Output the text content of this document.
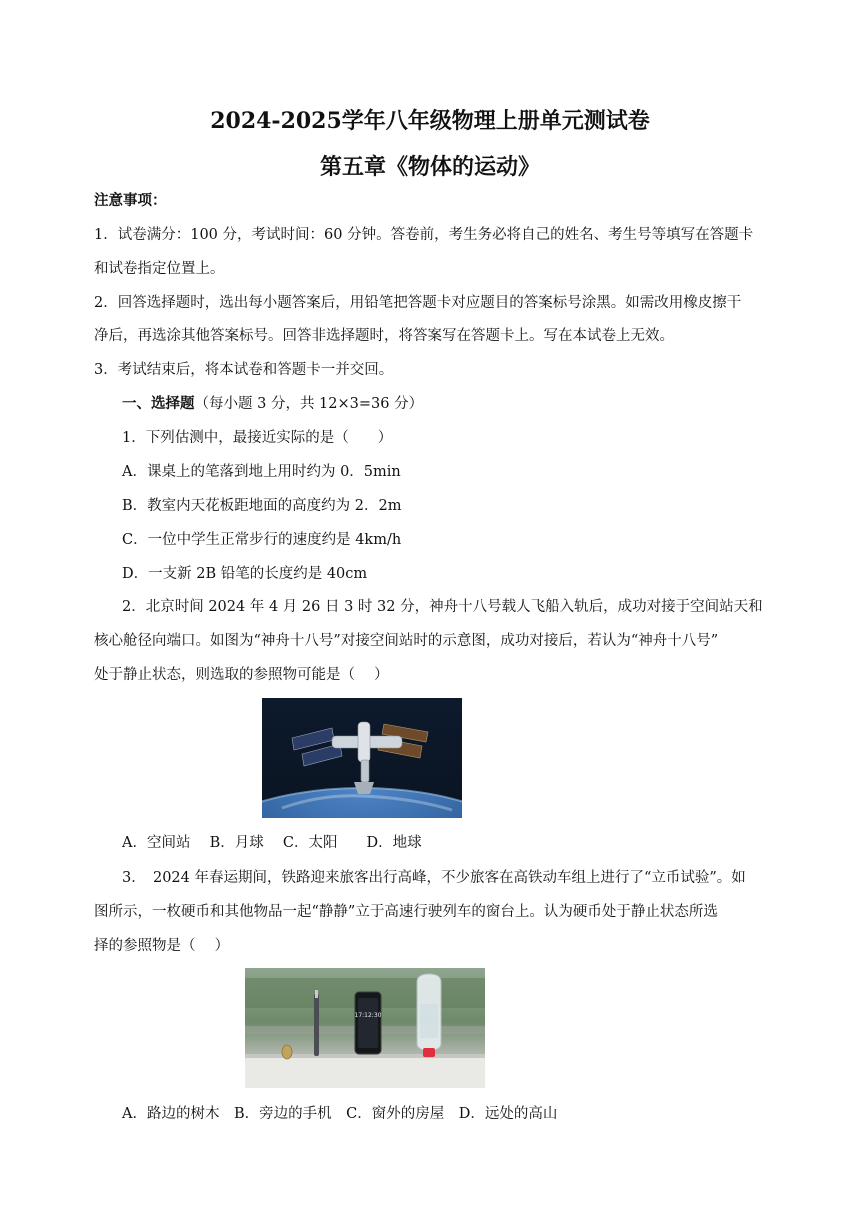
2024-2025学年八年级物理上册单元测试卷
第五章《物体的运动》
注意事项：
1．试卷满分：100 分，考试时间：60 分钟。答卷前，考生务必将自己的姓名、考生号等填写在答题卡
和试卷指定位置上。
2．回答选择题时，选出每小题答案后，用铅笔把答题卡对应题目的答案标号涂黑。如需改用橡皮擦干
净后，再选涂其他答案标号。回答非选择题时，将答案写在答题卡上。写在本试卷上无效。
3．考试结束后，将本试卷和答题卡一并交回。
一、选择题（每小题 3 分，共 12×3=36 分）
1．下列估测中，最接近实际的是（　　）
A．课桌上的笔落到地上用时约为 0．5min
B．教室内天花板距地面的高度约为 2．2m
C．一位中学生正常步行的速度约是 4km/h
D．一支新 2B 铅笔的长度约是 40cm
2．北京时间 2024 年 4 月 26 日 3 时 32 分，神舟十八号载人飞船入轨后，成功对接于空间站天和
核心舱径向端口。如图为“神舟十八号”对接空间站时的示意图，成功对接后，若认为“神舟十八号”
处于静止状态，则选取的参照物可能是（　 ）
A．空间站　 B．月球　 C．太阳　　D．地球
3．　2024 年春运期间，铁路迎来旅客出行高峰，不少旅客在高铁动车组上进行了“立币试验”。如
图所示，一枚硬币和其他物品一起“静静”立于高速行驶列车的窗台上。认为硬币处于静止状态所选
择的参照物是（　 ）
17:12:30
A．路边的树木　B．旁边的手机　C．窗外的房屋　D．远处的高山
